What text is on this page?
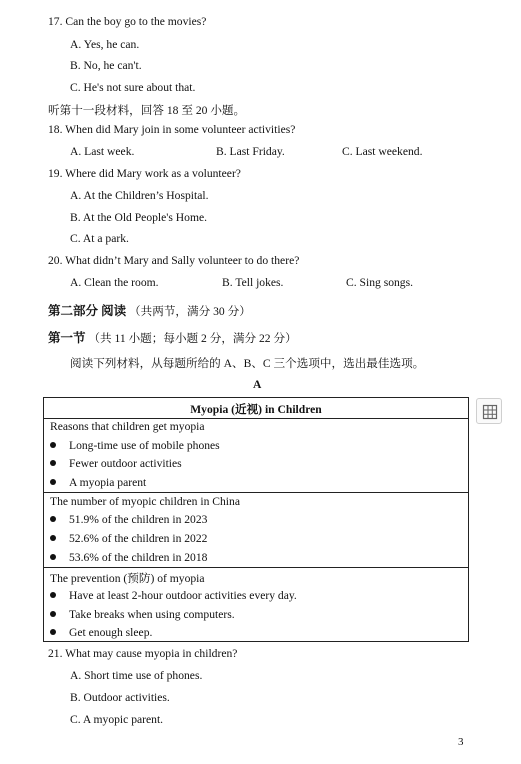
17. Can the boy go to the movies?
A. Yes, he can.
B. No, he can't.
C. He's not sure about that.
听第十一段材料，回答 18 至 20 小题。
18. When did Mary join in some volunteer activities?
A. Last week.	B. Last Friday.	C. Last weekend.
19. Where did Mary work as a volunteer?
A. At the Children’s Hospital.
B. At the Old People's Home.
C. At a park.
20. What didn’t Mary and Sally volunteer to do there?
A. Clean the room.	B. Tell jokes.	C. Sing songs.
第二部分 阅读 （共两节，满分 30 分）
第一节 （共 11 小题；每小题 2 分，满分 22 分）
阅读下列材料，从每题所给的 A、B、C 三个选项中，选出最佳选项。
A
Myopia (近视) in Children
Reasons that children get myopia
Long-time use of mobile phones
Fewer outdoor activities
A myopia parent
The number of myopic children in China
51.9% of the children in 2023
52.6% of the children in 2022
53.6% of the children in 2018
The prevention (预防) of myopia
Have at least 2-hour outdoor activities every day.
Take breaks when using computers.
Get enough sleep.
21. What may cause myopia in children?
A. Short time use of phones.
B. Outdoor activities.
C. A myopic parent.
3
